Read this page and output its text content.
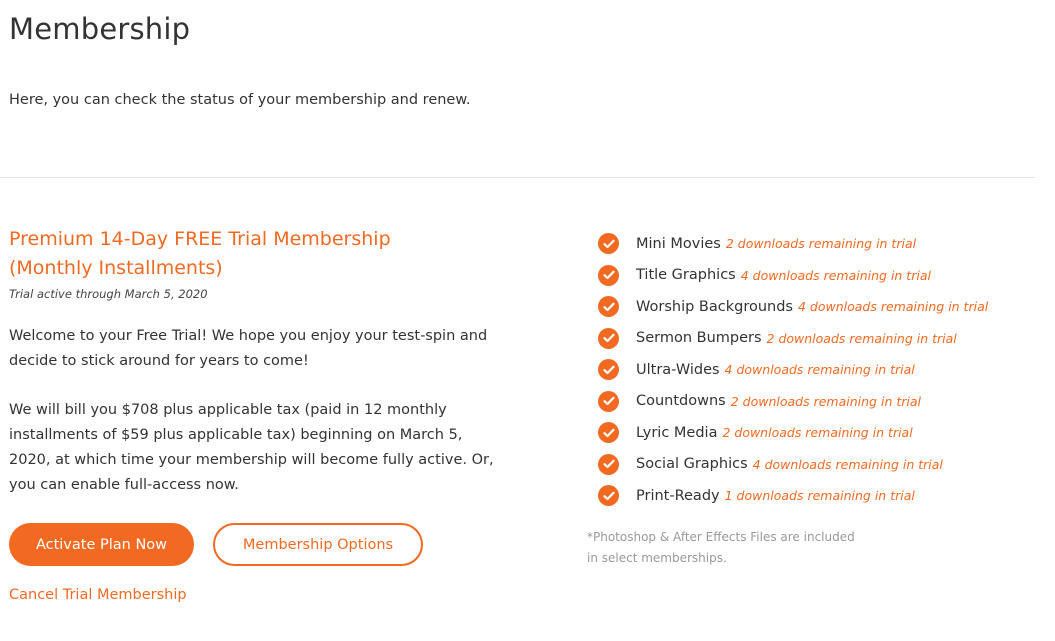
Membership

Here, you can check the status of your membership and renew.

Premium 14-Day FREE Trial Membership (Monthly Installments)
Trial active through March 5, 2020

Welcome to your Free Trial! We hope you enjoy your test-spin and decide to stick around for years to come!

We will bill you $708 plus applicable tax (paid in 12 monthly installments of $59 plus applicable tax) beginning on March 5, 2020, at which time your membership will become fully active. Or, you can enable full-access now.

Activate Plan Now	Membership Options
Cancel Trial Membership
Mini Movies 2 downloads remaining in trial
Title Graphics 4 downloads remaining in trial
Worship Backgrounds 4 downloads remaining in trial
Sermon Bumpers 2 downloads remaining in trial
Ultra-Wides 4 downloads remaining in trial
Countdowns 2 downloads remaining in trial
Lyric Media 2 downloads remaining in trial
Social Graphics 4 downloads remaining in trial
Print-Ready 1 downloads remaining in trial

*Photoshop & After Effects Files are included in select memberships.
